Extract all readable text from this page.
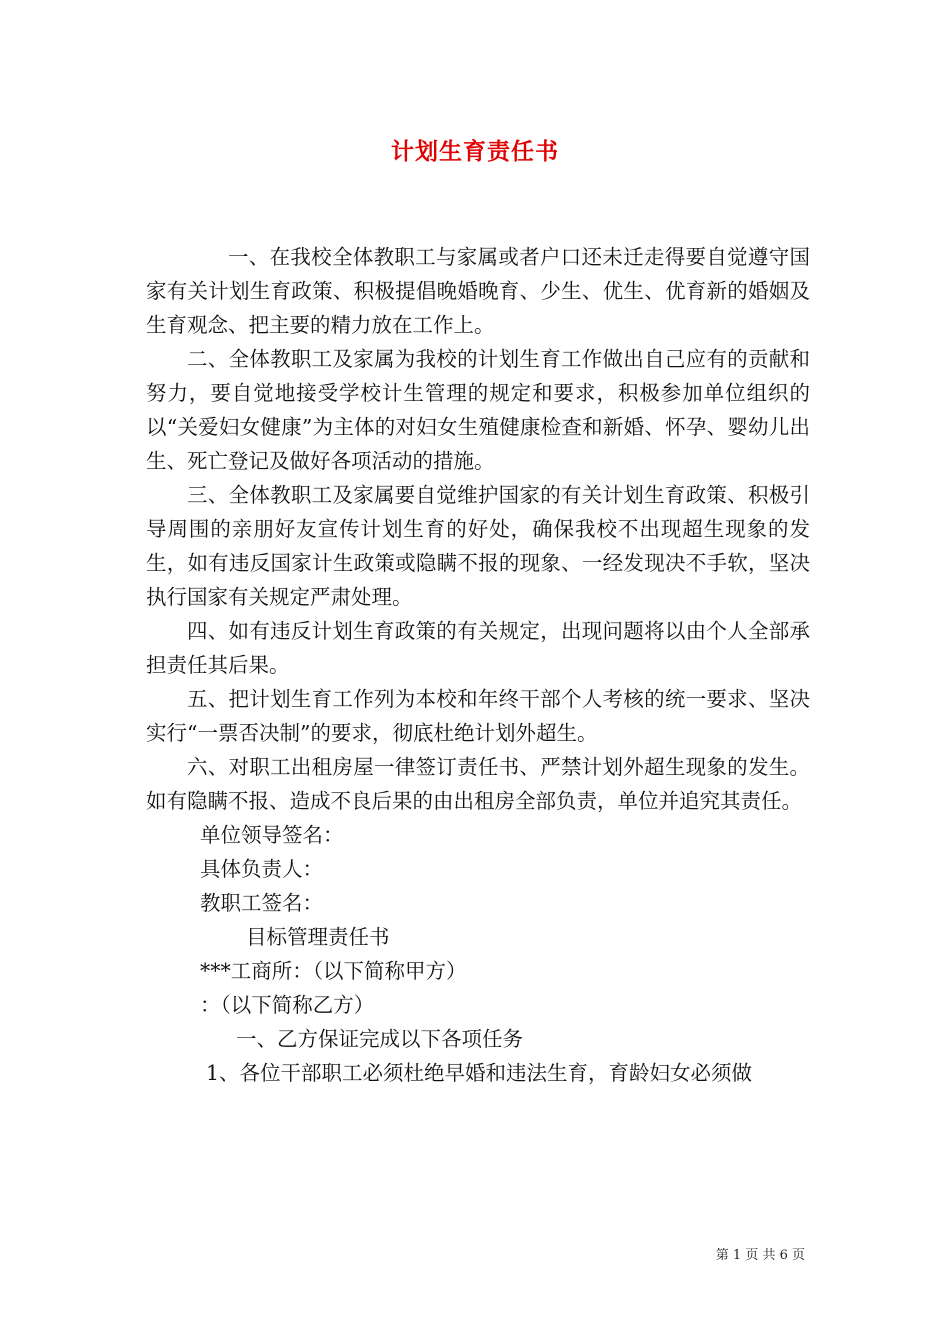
计划生育责任书

一、在我校全体教职工与家属或者户口还未迁走得要自觉遵守国家有关计划生育政策、积极提倡晚婚晚育、少生、优生、优育新的婚姻及生育观念、把主要的精力放在工作上。

二、全体教职工及家属为我校的计划生育工作做出自己应有的贡献和努力，要自觉地接受学校计生管理的规定和要求，积极参加单位组织的以“关爱妇女健康”为主体的对妇女生殖健康检查和新婚、怀孕、婴幼儿出生、死亡登记及做好各项活动的措施。

三、全体教职工及家属要自觉维护国家的有关计划生育政策、积极引导周围的亲朋好友宣传计划生育的好处，确保我校不出现超生现象的发生，如有违反国家计生政策或隐瞒不报的现象、一经发现决不手软，坚决执行国家有关规定严肃处理。

四、如有违反计划生育政策的有关规定，出现问题将以由个人全部承担责任其后果。

五、把计划生育工作列为本校和年终干部个人考核的统一要求、坚决实行“一票否决制”的要求，彻底杜绝计划外超生。

六、对职工出租房屋一律签订责任书、严禁计划外超生现象的发生。如有隐瞒不报、造成不良后果的由出租房全部负责，单位并追究其责任。

单位领导签名：

具体负责人：

教职工签名：

目标管理责任书

***工商所：（以下简称甲方）

：（以下简称乙方）

一、乙方保证完成以下各项任务

1、各位干部职工必须杜绝早婚和违法生育，育龄妇女必须做

第 1 页 共 6 页
